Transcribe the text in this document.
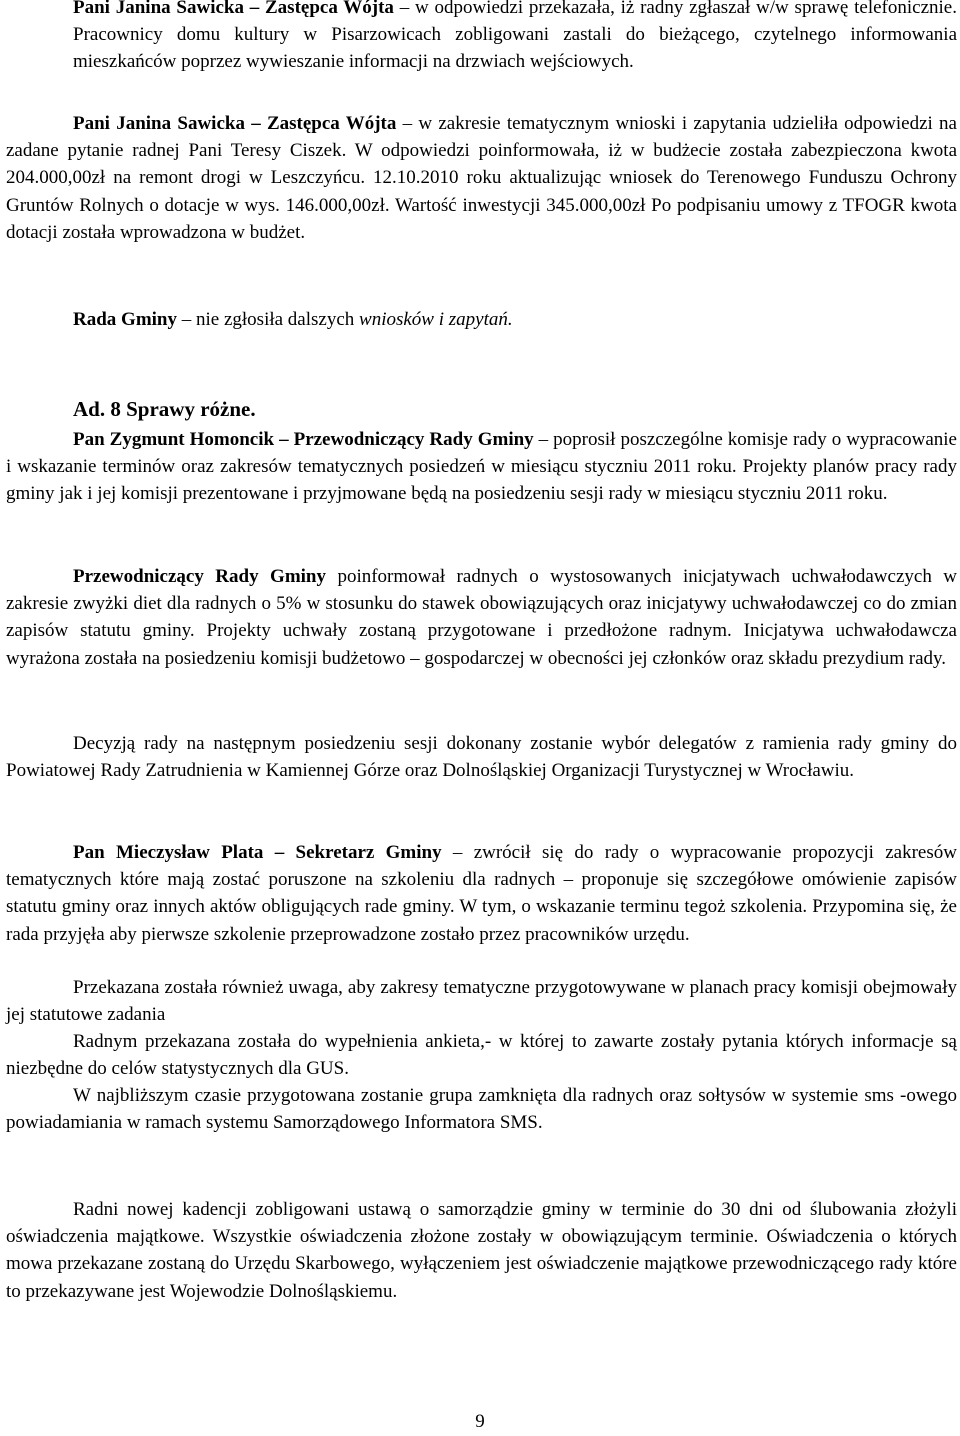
Pani Janina Sawicka – Zastępca Wójta – w odpowiedzi przekazała, iż radny zgłaszał w/w sprawę telefonicznie. Pracownicy domu kultury w Pisarzowicach zobligowani zastali do bieżącego, czytelnego informowania mieszkańców poprzez wywieszanie informacji na drzwiach wejściowych.

Pani Janina Sawicka – Zastępca Wójta – w zakresie tematycznym wnioski i zapytania udzieliła odpowiedzi na zadane pytanie radnej Pani Teresy Ciszek. W odpowiedzi poinformowała, iż w budżecie została zabezpieczona kwota 204.000,00zł na remont drogi w Leszczyńcu. 12.10.2010 roku aktualizując wniosek do Terenowego Funduszu Ochrony Gruntów Rolnych o dotacje w wys. 146.000,00zł. Wartość inwestycji 345.000,00zł Po podpisaniu umowy z TFOGR kwota dotacji została wprowadzona w budżet.

Rada Gminy – nie zgłosiła dalszych wniosków i zapytań.

Ad. 8 Sprawy różne.

Pan Zygmunt Homoncik – Przewodniczący Rady Gminy – poprosił poszczególne komisje rady o wypracowanie i wskazanie terminów oraz zakresów tematycznych posiedzeń w miesiącu styczniu 2011 roku. Projekty planów pracy rady gminy jak i jej komisji prezentowane i przyjmowane będą na posiedzeniu sesji rady w miesiącu styczniu 2011 roku.

Przewodniczący Rady Gminy poinformował radnych o wystosowanych inicjatywach uchwałodawczych w zakresie zwyżki diet dla radnych o 5% w stosunku do stawek obowiązujących oraz inicjatywy uchwałodawczej co do zmian zapisów statutu gminy. Projekty uchwały zostaną przygotowane i przedłożone radnym. Inicjatywa uchwałodawcza wyrażona została na posiedzeniu komisji budżetowo – gospodarczej w obecności jej członków oraz składu prezydium rady.

Decyzją rady na następnym posiedzeniu sesji dokonany zostanie wybór delegatów z ramienia rady gminy do Powiatowej Rady Zatrudnienia w Kamiennej Górze oraz Dolnośląskiej Organizacji Turystycznej w Wrocławiu.

Pan Mieczysław Plata – Sekretarz Gminy – zwrócił się do rady o wypracowanie propozycji zakresów tematycznych które mają zostać poruszone na szkoleniu dla radnych – proponuje się szczegółowe omówienie zapisów statutu gminy oraz innych aktów obligujących rade gminy. W tym, o wskazanie terminu tegoż szkolenia. Przypomina się, że rada przyjęła aby pierwsze szkolenie przeprowadzone zostało przez pracowników urzędu.

Przekazana została również uwaga, aby zakresy tematyczne przygotowywane w planach pracy komisji obejmowały jej statutowe zadania

Radnym przekazana została do wypełnienia ankieta,- w której to zawarte zostały pytania których informacje są niezbędne do celów statystycznych dla GUS.

W najbliższym czasie przygotowana zostanie grupa zamknięta dla radnych oraz sołtysów w systemie sms -owego powiadamiania w ramach systemu Samorządowego Informatora SMS.

Radni nowej kadencji zobligowani ustawą o samorządzie gminy w terminie do 30 dni od ślubowania złożyli oświadczenia majątkowe. Wszystkie oświadczenia złożone zostały w obowiązującym terminie. Oświadczenia o których mowa przekazane zostaną do Urzędu Skarbowego, wyłączeniem jest oświadczenie majątkowe przewodniczącego rady które to przekazywane jest Wojewodzie Dolnośląskiemu.

9
